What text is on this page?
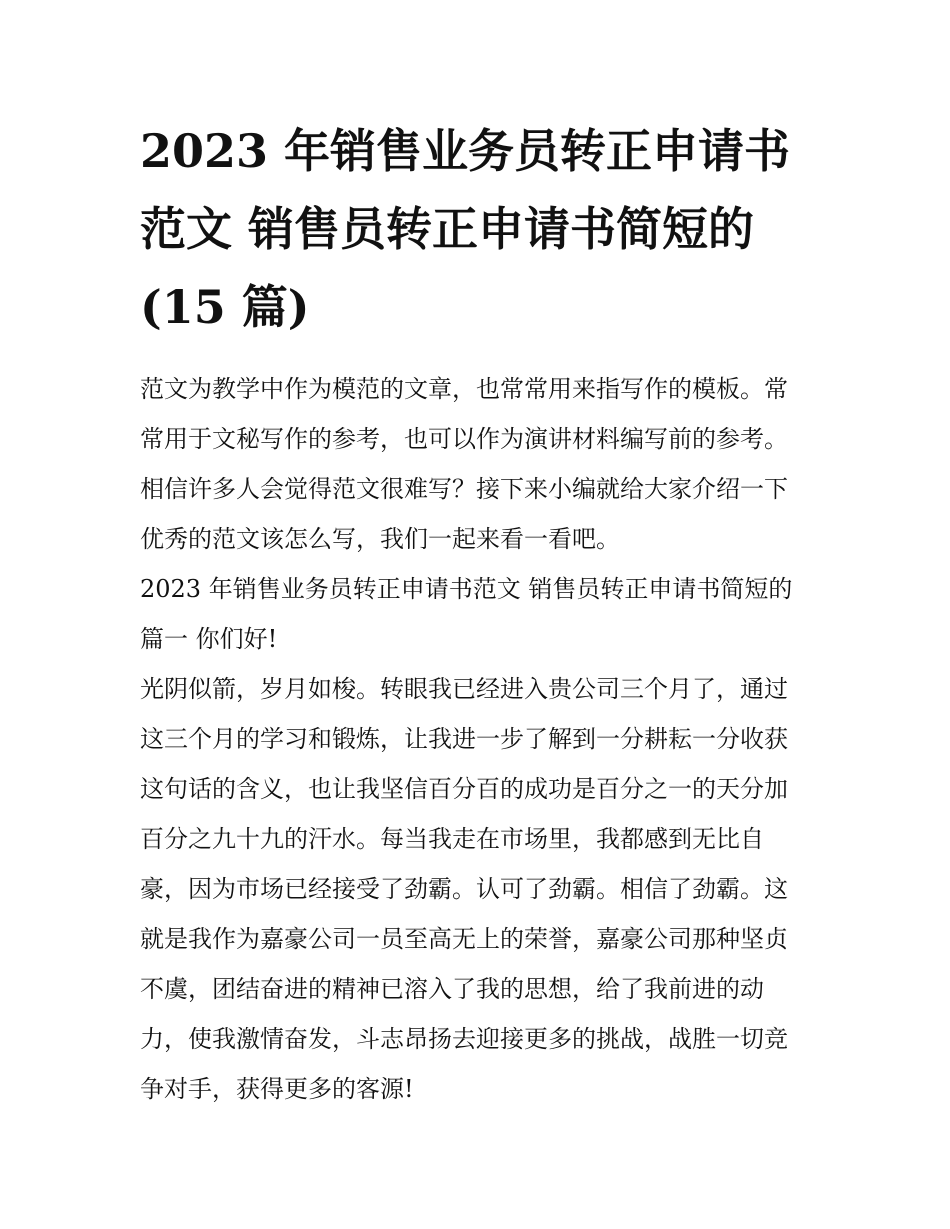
2023 年销售业务员转正申请书
范文 销售员转正申请书简短的
(15 篇)
范文为教学中作为模范的文章，也常常用来指写作的模板。常
常用于文秘写作的参考，也可以作为演讲材料编写前的参考。
相信许多人会觉得范文很难写？接下来小编就给大家介绍一下
优秀的范文该怎么写，我们一起来看一看吧。
2023 年销售业务员转正申请书范文 销售员转正申请书简短的
篇一 你们好!
光阴似箭，岁月如梭。转眼我已经进入贵公司三个月了，通过
这三个月的学习和锻炼，让我进一步了解到一分耕耘一分收获
这句话的含义，也让我坚信百分百的成功是百分之一的天分加
百分之九十九的汗水。每当我走在市场里，我都感到无比自
豪，因为市场已经接受了劲霸。认可了劲霸。相信了劲霸。这
就是我作为嘉豪公司一员至高无上的荣誉，嘉豪公司那种坚贞
不虞，团结奋进的精神已溶入了我的思想，给了我前进的动
力，使我激情奋发，斗志昂扬去迎接更多的挑战，战胜一切竞
争对手，获得更多的客源!
